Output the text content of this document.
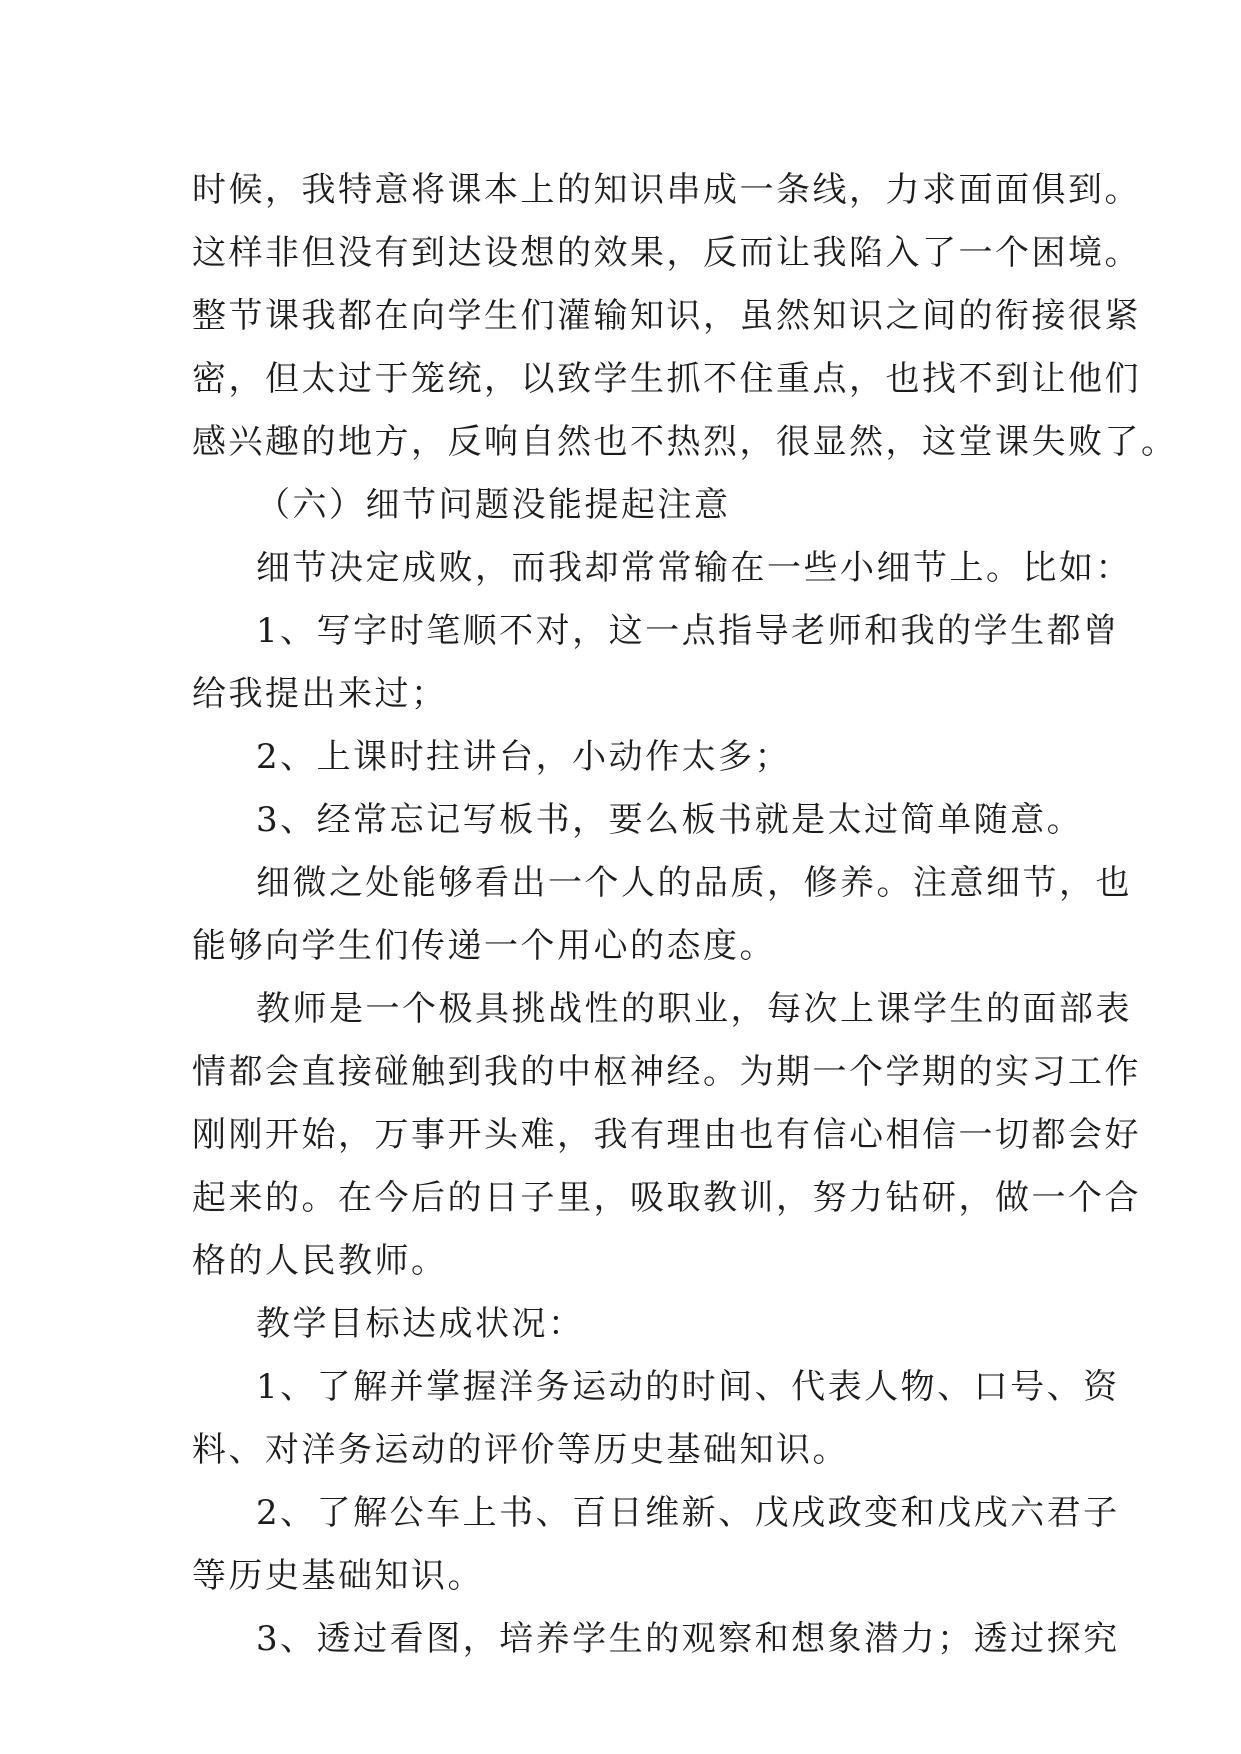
时候，我特意将课本上的知识串成一条线，力求面面俱到。
这样非但没有到达设想的效果，反而让我陷入了一个困境。
整节课我都在向学生们灌输知识，虽然知识之间的衔接很紧
密，但太过于笼统，以致学生抓不住重点，也找不到让他们
感兴趣的地方，反响自然也不热烈，很显然，这堂课失败了。
（六）细节问题没能提起注意
细节决定成败，而我却常常输在一些小细节上。比如：
1、写字时笔顺不对，这一点指导老师和我的学生都曾
给我提出来过；
2、上课时拄讲台，小动作太多；
3、经常忘记写板书，要么板书就是太过简单随意。
细微之处能够看出一个人的品质，修养。注意细节，也
能够向学生们传递一个用心的态度。
教师是一个极具挑战性的职业，每次上课学生的面部表
情都会直接碰触到我的中枢神经。为期一个学期的实习工作
刚刚开始，万事开头难，我有理由也有信心相信一切都会好
起来的。在今后的日子里，吸取教训，努力钻研，做一个合
格的人民教师。
教学目标达成状况：
1、了解并掌握洋务运动的时间、代表人物、口号、资
料、对洋务运动的评价等历史基础知识。
2、了解公车上书、百日维新、戊戌政变和戊戌六君子
等历史基础知识。
3、透过看图，培养学生的观察和想象潜力；透过探究
